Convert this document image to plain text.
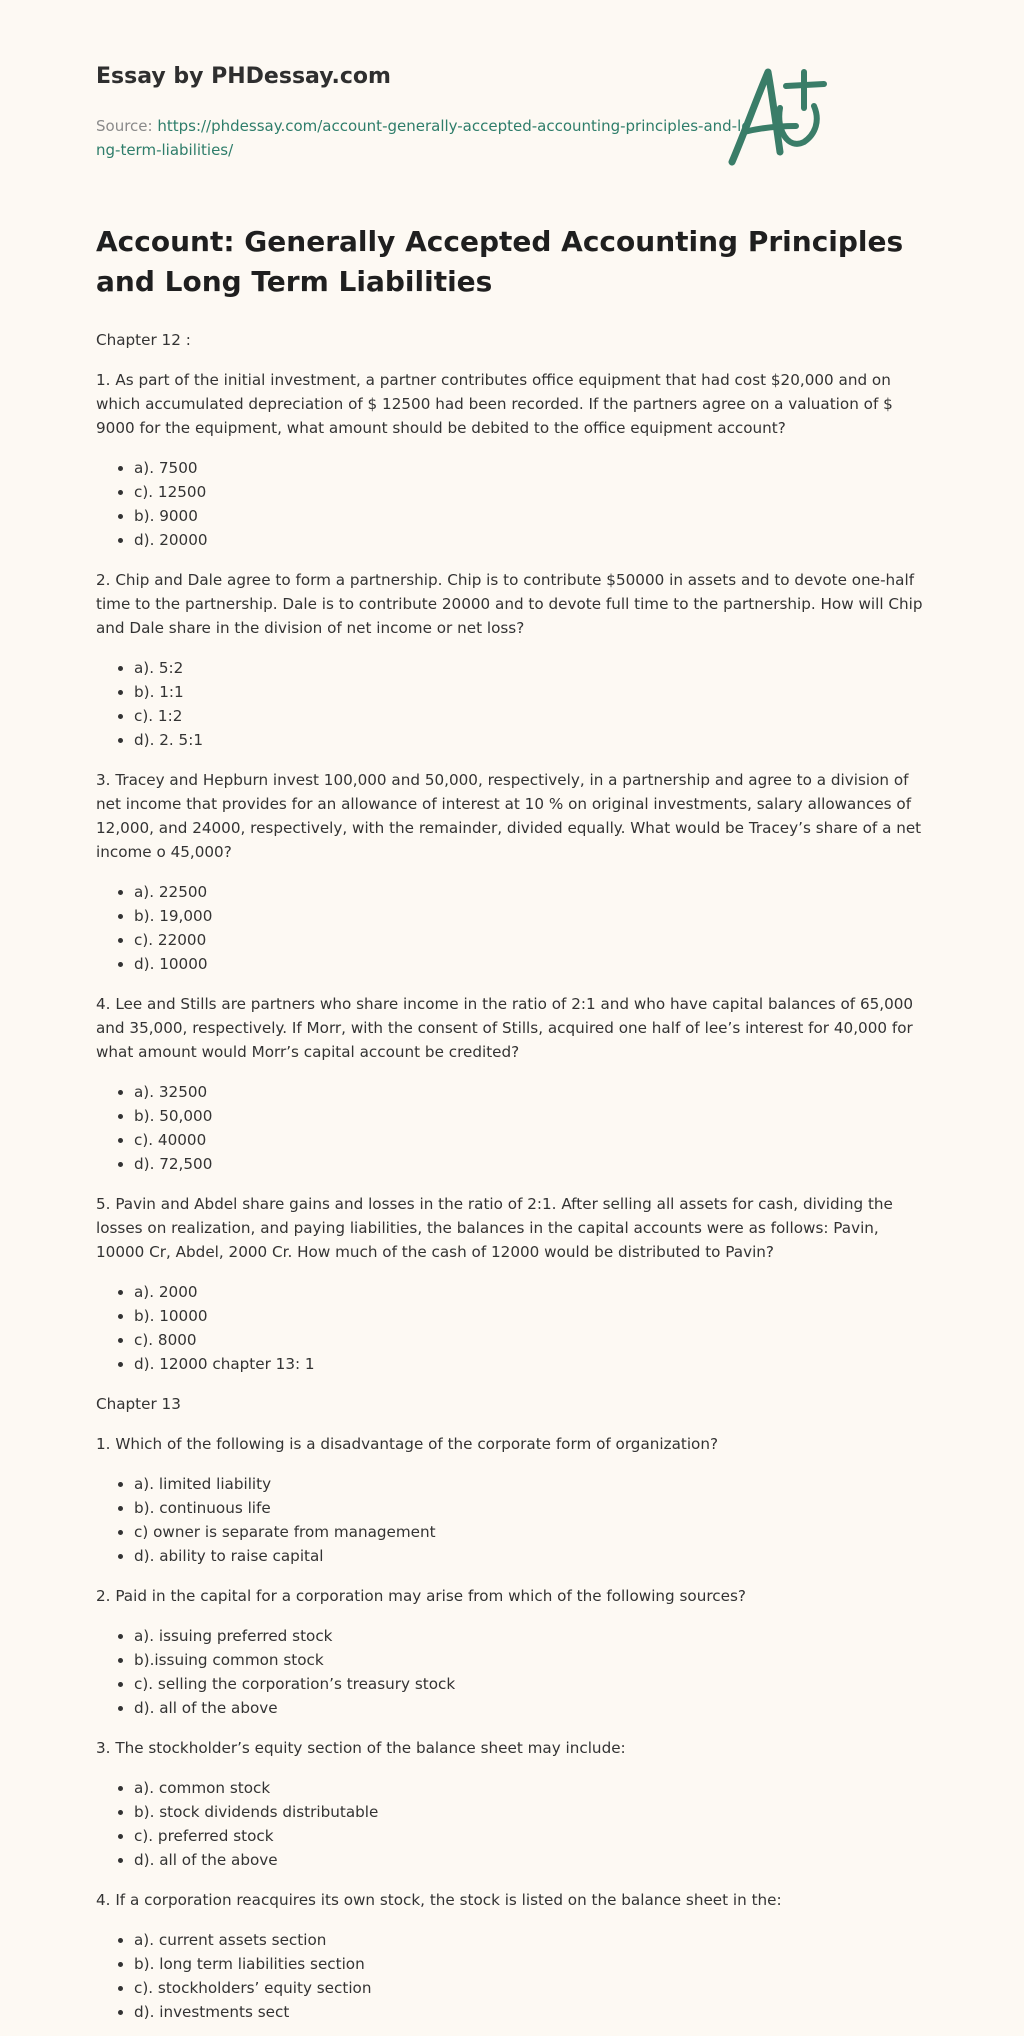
Essay by PHDessay.com
Source: https://phdessay.com/account-generally-accepted-accounting-principles-and-long-term-liabilities/
Account: Generally Accepted Accounting Principles and Long Term Liabilities

Chapter 12 :

1. As part of the initial investment, a partner contributes office equipment that had cost $20,000 and on which accumulated depreciation of $ 12500 had been recorded. If the partners agree on a valuation of $ 9000 for the equipment, what amount should be debited to the office equipment account?

• a). 7500
• c). 12500
• b). 9000
• d). 20000

2. Chip and Dale agree to form a partnership. Chip is to contribute $50000 in assets and to devote one-half time to the partnership. Dale is to contribute 20000 and to devote full time to the partnership. How will Chip and Dale share in the division of net income or net loss?

• a). 5:2
• b). 1:1
• c). 1:2
• d). 2. 5:1

3. Tracey and Hepburn invest 100,000 and 50,000, respectively, in a partnership and agree to a division of net income that provides for an allowance of interest at 10 % on original investments, salary allowances of 12,000, and 24000, respectively, with the remainder, divided equally. What would be Tracey’s share of a net income o 45,000?

• a). 22500
• b). 19,000
• c). 22000
• d). 10000

4. Lee and Stills are partners who share income in the ratio of 2:1 and who have capital balances of 65,000 and 35,000, respectively. If Morr, with the consent of Stills, acquired one half of lee’s interest for 40,000 for what amount would Morr’s capital account be credited?

• a). 32500
• b). 50,000
• c). 40000
• d). 72,500

5. Pavin and Abdel share gains and losses in the ratio of 2:1. After selling all assets for cash, dividing the losses on realization, and paying liabilities, the balances in the capital accounts were as follows: Pavin, 10000 Cr, Abdel, 2000 Cr. How much of the cash of 12000 would be distributed to Pavin?

• a). 2000
• b). 10000
• c). 8000
• d). 12000 chapter 13: 1

Chapter 13

1. Which of the following is a disadvantage of the corporate form of organization?

• a). limited liability
• b). continuous life
• c) owner is separate from management
• d). ability to raise capital

2. Paid in the capital for a corporation may arise from which of the following sources?

• a). issuing preferred stock
• b).issuing common stock
• c). selling the corporation’s treasury stock
• d). all of the above

3. The stockholder’s equity section of the balance sheet may include:

• a). common stock
• b). stock dividends distributable
• c). preferred stock
• d). all of the above

4. If a corporation reacquires its own stock, the stock is listed on the balance sheet in the:

• a). current assets section
• b). long term liabilities section
• c). stockholders’ equity section
• d). investments sect
